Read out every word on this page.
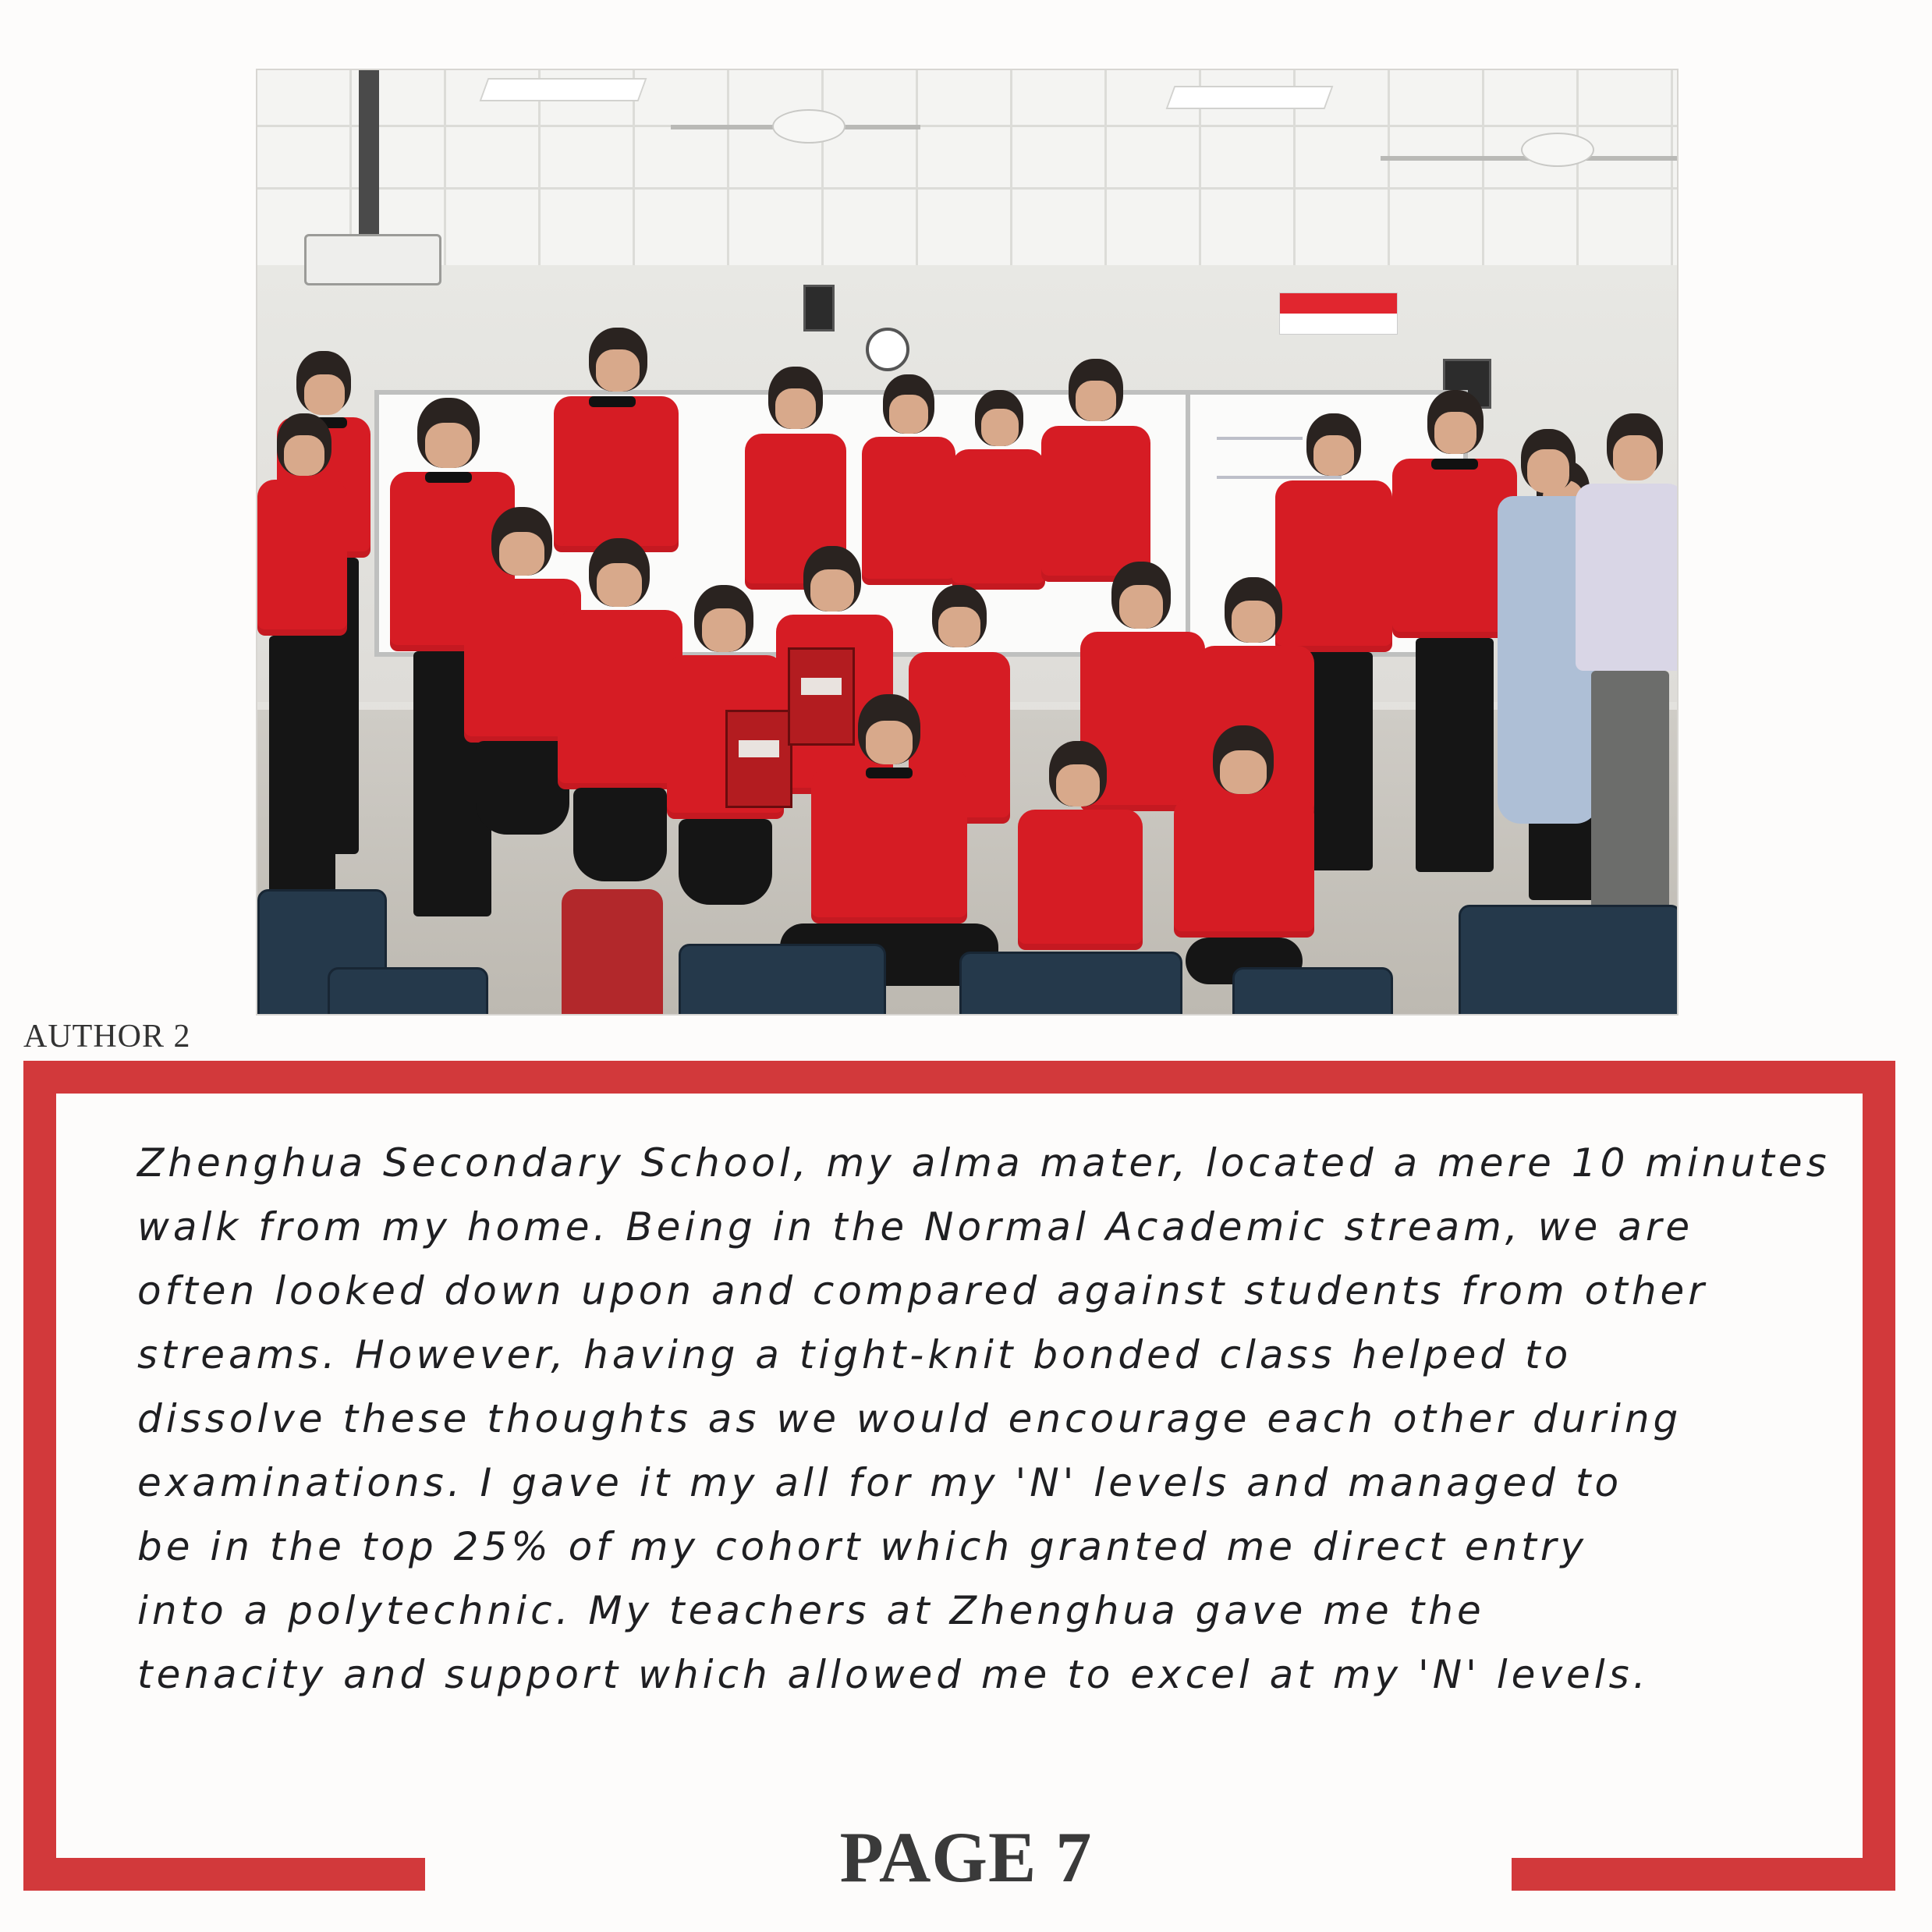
AUTHOR 2
Zhenghua Secondary School, my alma mater, located a mere 10 minutes
walk from my home. Being in the Normal Academic stream, we are
often looked down upon and compared against students from other
streams. However, having a tight-knit bonded class helped to
dissolve these thoughts as we would encourage each other during
examinations. I gave it my all for my 'N' levels and managed to
be in the top 25% of my cohort which granted me direct entry
into a polytechnic. My teachers at Zhenghua gave me the
tenacity and support which allowed me to excel at my 'N' levels.
PAGE 7
